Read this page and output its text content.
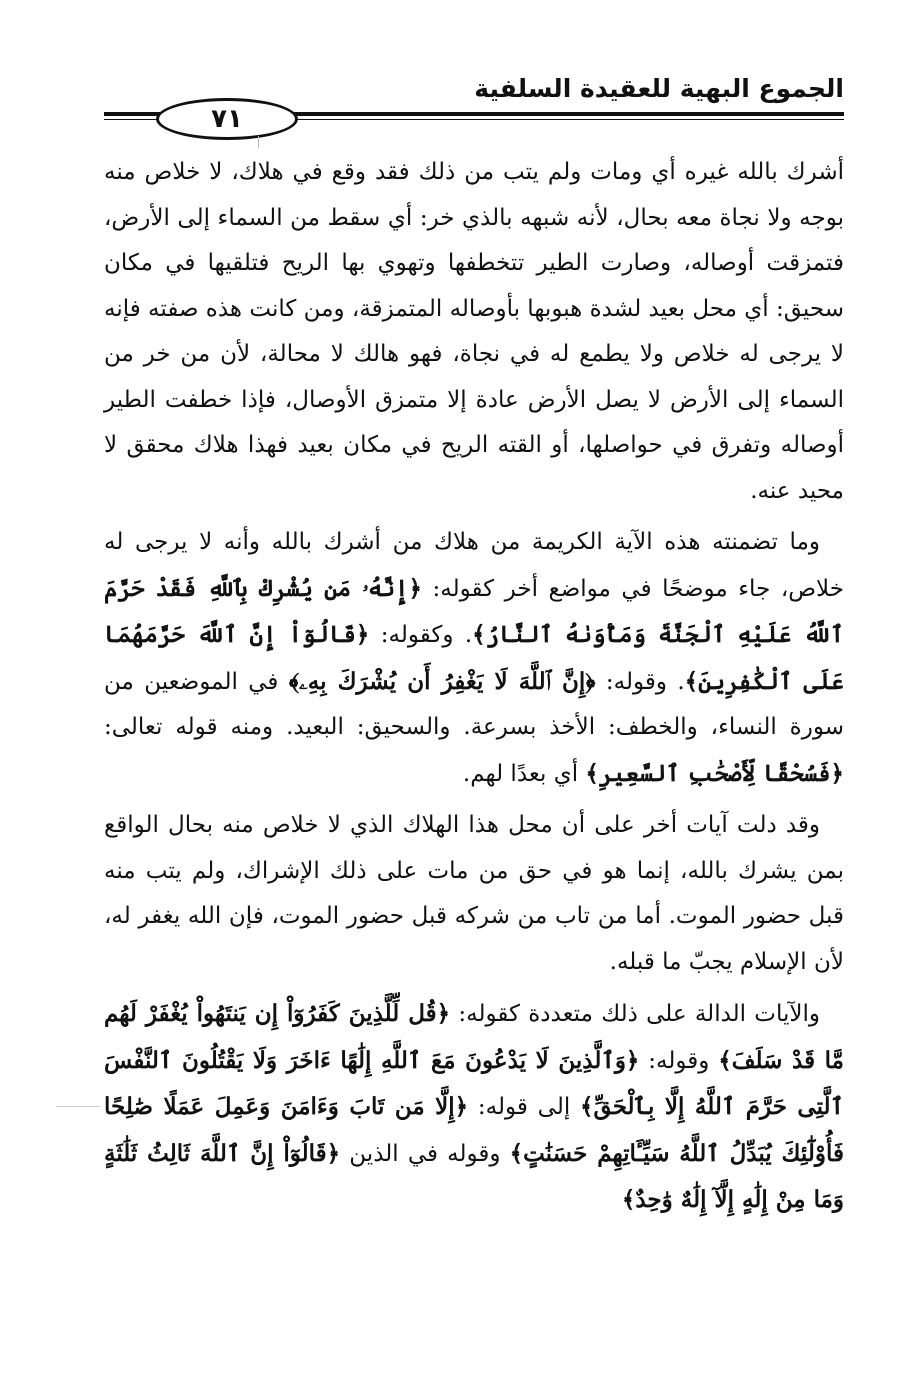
الجموع البهية للعقيدة السلفية
٧١

أشرك بالله غيره أي ومات ولم يتب من ذلك فقد وقع في هلاك، لا خلاص منه بوجه ولا نجاة معه بحال، لأنه شبهه بالذي خر: أي سقط من السماء إلى الأرض، فتمزقت أوصاله، وصارت الطير تتخطفها وتهوي بها الريح فتلقيها في مكان سحيق: أي محل بعيد لشدة هبوبها بأوصاله المتمزقة، ومن كانت هذه صفته فإنه لا يرجى له خلاص ولا يطمع له في نجاة، فهو هالك لا محالة، لأن من خر من السماء إلى الأرض لا يصل الأرض عادة إلا متمزق الأوصال، فإذا خطفت الطير أوصاله وتفرق في حواصلها، أو القته الريح في مكان بعيد فهذا هلاك محقق لا محيد عنه.

وما تضمنته هذه الآية الكريمة من هلاك من أشرك بالله وأنه لا يرجى له خلاص، جاء موضحًا في مواضع أخر كقوله: ﴿إِنَّهُۥ مَن يُشْرِكْ بِٱللَّهِ فَقَدْ حَرَّمَ ٱللَّهُ عَلَيْهِ ٱلْجَنَّةَ وَمَأْوَىٰهُ ٱلنَّارُ﴾. وكقوله: ﴿قَالُوٓاْ إِنَّ ٱللَّهَ حَرَّمَهُمَا عَلَى ٱلْكَٰفِرِينَ﴾. وقوله: ﴿إِنَّ ٱللَّهَ لَا يَغْفِرُ أَن يُشْرَكَ بِهِۦ﴾ في الموضعين من سورة النساء، والخطف: الأخذ بسرعة. والسحيق: البعيد. ومنه قوله تعالى: ﴿فَسُحْقًا لِّأَصْحَٰبِ ٱلسَّعِيرِ﴾ أي بعدًا لهم.

وقد دلت آيات أخر على أن محل هذا الهلاك الذي لا خلاص منه بحال الواقع بمن يشرك بالله، إنما هو في حق من مات على ذلك الإشراك، ولم يتب منه قبل حضور الموت. أما من تاب من شركه قبل حضور الموت، فإن الله يغفر له، لأن الإسلام يجبّ ما قبله.

والآيات الدالة على ذلك متعددة كقوله: ﴿قُل لِّلَّذِينَ كَفَرُوٓاْ إِن يَنتَهُواْ يُغْفَرْ لَهُم مَّا قَدْ سَلَفَ﴾ وقوله: ﴿وَٱلَّذِينَ لَا يَدْعُونَ مَعَ ٱللَّهِ إِلَٰهًا ءَاخَرَ وَلَا يَقْتُلُونَ ٱلنَّفْسَ ٱلَّتِى حَرَّمَ ٱللَّهُ إِلَّا بِٱلْحَقِّ﴾ إلى قوله: ﴿إِلَّا مَن تَابَ وَءَامَنَ وَعَمِلَ عَمَلًا صَٰلِحًا فَأُوْلَٰٓئِكَ يُبَدِّلُ ٱللَّهُ سَيِّـَٔاتِهِمْ حَسَنَٰتٍ﴾ وقوله في الذين ﴿قَالُوٓاْ إِنَّ ٱللَّهَ ثَالِثُ ثَلَٰثَةٍ وَمَا مِنْ إِلَٰهٍ إِلَّآ إِلَٰهٌ وَٰحِدٌ﴾
